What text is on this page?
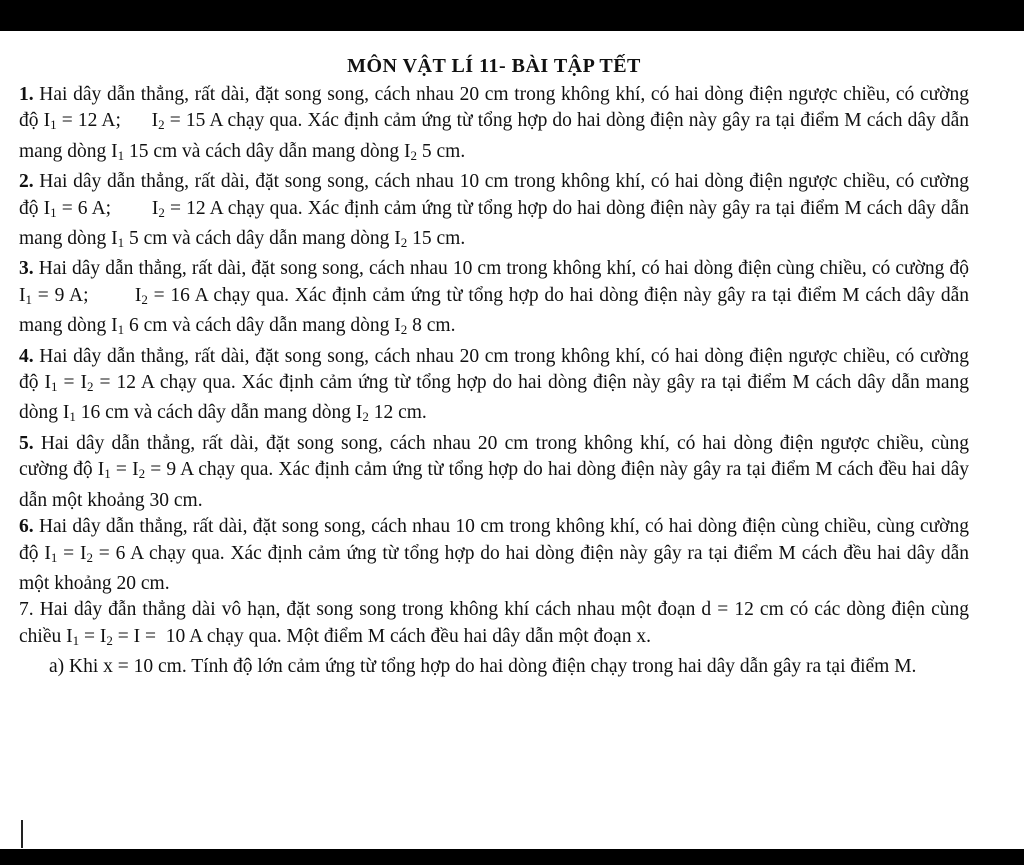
MÔN VẬT LÍ 11- BÀI TẬP TẾT

1. Hai dây dẫn thẳng, rất dài, đặt song song, cách nhau 20 cm trong không khí, có hai dòng điện ngược chiều, có cường độ $I_1 = 12$ A;      $I_2 = 15$ A chạy qua. Xác định cảm ứng từ tổng hợp do hai dòng điện này gây ra tại điểm M cách dây dẫn mang dòng $I_1$ 15 cm và cách dây dẫn mang dòng $I_2$ 5 cm.

2. Hai dây dẫn thẳng, rất dài, đặt song song, cách nhau 10 cm trong không khí, có hai dòng điện ngược chiều, có cường độ $I_1 = 6$ A;        $I_2 = 12$ A chạy qua. Xác định cảm ứng từ tổng hợp do hai dòng điện này gây ra tại điểm M cách dây dẫn mang dòng $I_1$ 5 cm và cách dây dẫn mang dòng $I_2$ 15 cm.

3. Hai dây dẫn thẳng, rất dài, đặt song song, cách nhau 10 cm trong không khí, có hai dòng điện cùng chiều, có cường độ $I_1 = 9$ A;        $I_2 = 16$ A chạy qua. Xác định cảm ứng từ tổng hợp do hai dòng điện này gây ra tại điểm M cách dây dẫn mang dòng $I_1$ 6 cm và cách dây dẫn mang dòng $I_2$ 8 cm.

4. Hai dây dẫn thẳng, rất dài, đặt song song, cách nhau 20 cm trong không khí, có hai dòng điện ngược chiều, có cường độ $I_1 = I_2 = 12$ A chạy qua. Xác định cảm ứng từ tổng hợp do hai dòng điện này gây ra tại điểm M cách dây dẫn mang dòng $I_1$ 16 cm và cách dây dẫn mang dòng $I_2$ 12 cm.

5. Hai dây dẫn thẳng, rất dài, đặt song song, cách nhau 20 cm trong không khí, có hai dòng điện ngược chiều, cùng cường độ $I_1 = I_2 = 9$ A chạy qua. Xác định cảm ứng từ tổng hợp do hai dòng điện này gây ra tại điểm M cách đều hai dây dẫn một khoảng 30 cm.

6. Hai dây dẫn thẳng, rất dài, đặt song song, cách nhau 10 cm trong không khí, có hai dòng điện cùng chiều, cùng cường độ $I_1 = I_2 = 6$ A chạy qua. Xác định cảm ứng từ tổng hợp do hai dòng điện này gây ra tại điểm M cách đều hai dây dẫn một khoảng 20 cm.

7. Hai dây đẫn thẳng dài vô hạn, đặt song song trong không khí cách nhau một đoạn d = 12 cm có các dòng điện cùng chiều $I_1 = I_2 = I = 10$ A chạy qua. Một điểm M cách đều hai dây dẫn một đoạn x.

a) Khi x = 10 cm. Tính độ lớn cảm ứng từ tổng hợp do hai dòng điện chạy trong hai dây dẫn gây ra tại điểm M.
